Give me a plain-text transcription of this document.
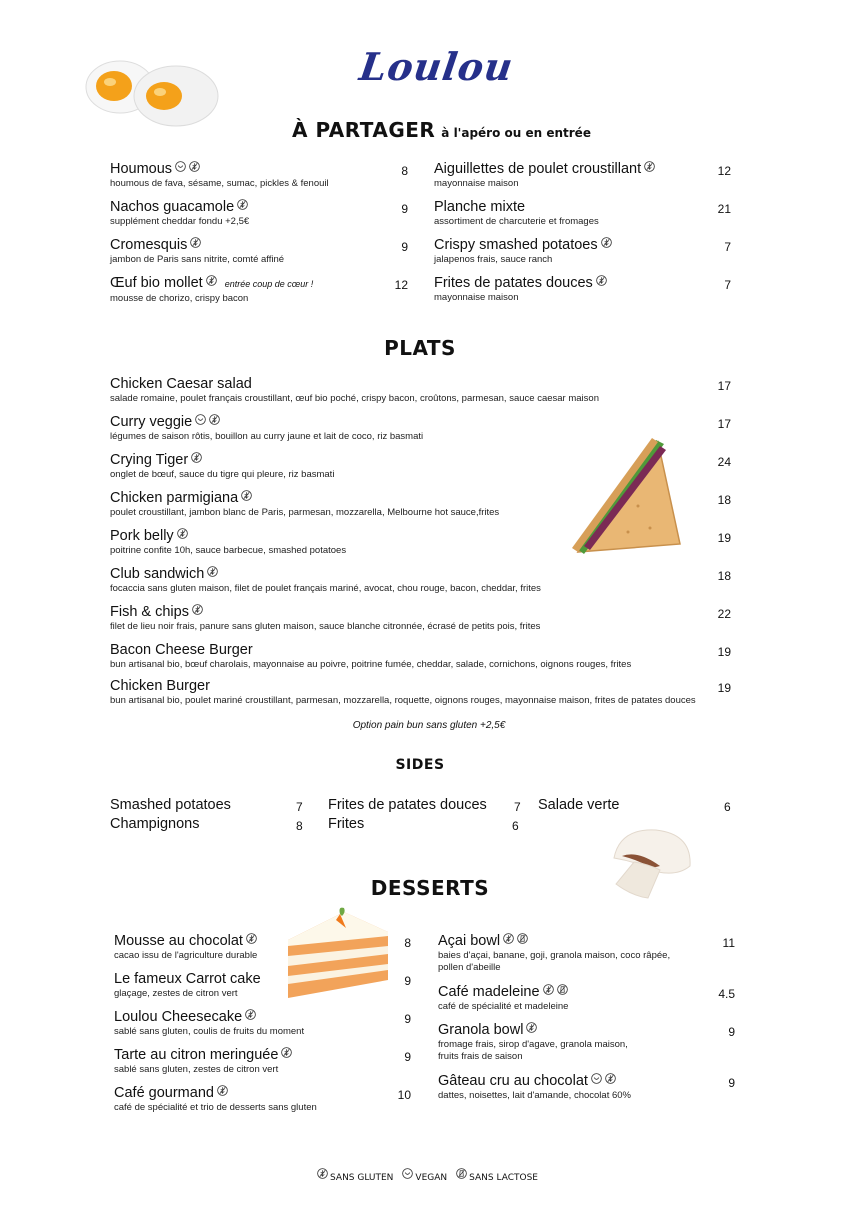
Loulou
À PARTAGER à l'apéro ou en entrée
Houmous
houmous de fava, sésame, sumac, pickles & fenouil
8
Nachos guacamole
supplément cheddar fondu +2,5€
9
Cromesquis
jambon de Paris sans nitrite, comté affiné
9
Œuf bio mollet entrée coup de cœur !
mousse de chorizo, crispy bacon
12
Aiguillettes de poulet croustillant
mayonnaise maison
12
Planche mixte
assortiment de charcuterie et fromages
21
Crispy smashed potatoes
jalapenos frais, sauce ranch
7
Frites de patates douces
mayonnaise maison
7
PLATS
Chicken Caesar salad
salade romaine, poulet français croustillant, œuf bio poché, crispy bacon, croûtons, parmesan, sauce caesar maison
17
Curry veggie
légumes de saison rôtis, bouillon au curry jaune et lait de coco, riz basmati
17
Crying Tiger
onglet de bœuf, sauce du tigre qui pleure, riz basmati
24
Chicken parmigiana
poulet croustillant, jambon blanc de Paris, parmesan, mozzarella, Melbourne hot sauce,frites
18
Pork belly
poitrine confite 10h, sauce barbecue, smashed potatoes
19
Club sandwich
focaccia sans gluten maison, filet de poulet français mariné, avocat, chou rouge, bacon, cheddar, frites
18
Fish & chips
filet de lieu noir frais, panure sans gluten maison, sauce blanche citronnée, écrasé de petits pois, frites
22
Bacon Cheese Burger
bun artisanal bio, bœuf charolais, mayonnaise au poivre, poitrine fumée, cheddar, salade, cornichons, oignons rouges, frites
19
Chicken Burger
bun artisanal bio, poulet mariné croustillant, parmesan, mozzarella, roquette, oignons rouges, mayonnaise maison, frites de patates douces
19
Option pain bun sans gluten +2,5€
SIDES
Smashed potatoes	7 Frites de patates douces 7 Salade verte	6
Champignons	8 Frites	6
DESSERTS
Mousse au chocolat
cacao issu de l'agriculture durable
8
Le fameux Carrot cake
glaçage, zestes de citron vert
9
Loulou Cheesecake
sablé sans gluten, coulis de fruits du moment
9
Tarte au citron meringuée
sablé sans gluten, zestes de citron vert
9
Café gourmand
café de spécialité et trio de desserts sans gluten
10
Açai bowl
baies d'açai, banane, goji, granola maison, coco râpée,
pollen d'abeille
11
Café madeleine
café de spécialité et madeleine
4.5
Granola bowl
fromage frais, sirop d'agave, granola maison,
fruits frais de saison
9
Gâteau cru au chocolat
dattes, noisettes, lait d'amande, chocolat 60%
9
SANS GLUTEN VEGAN SANS LACTOSE
